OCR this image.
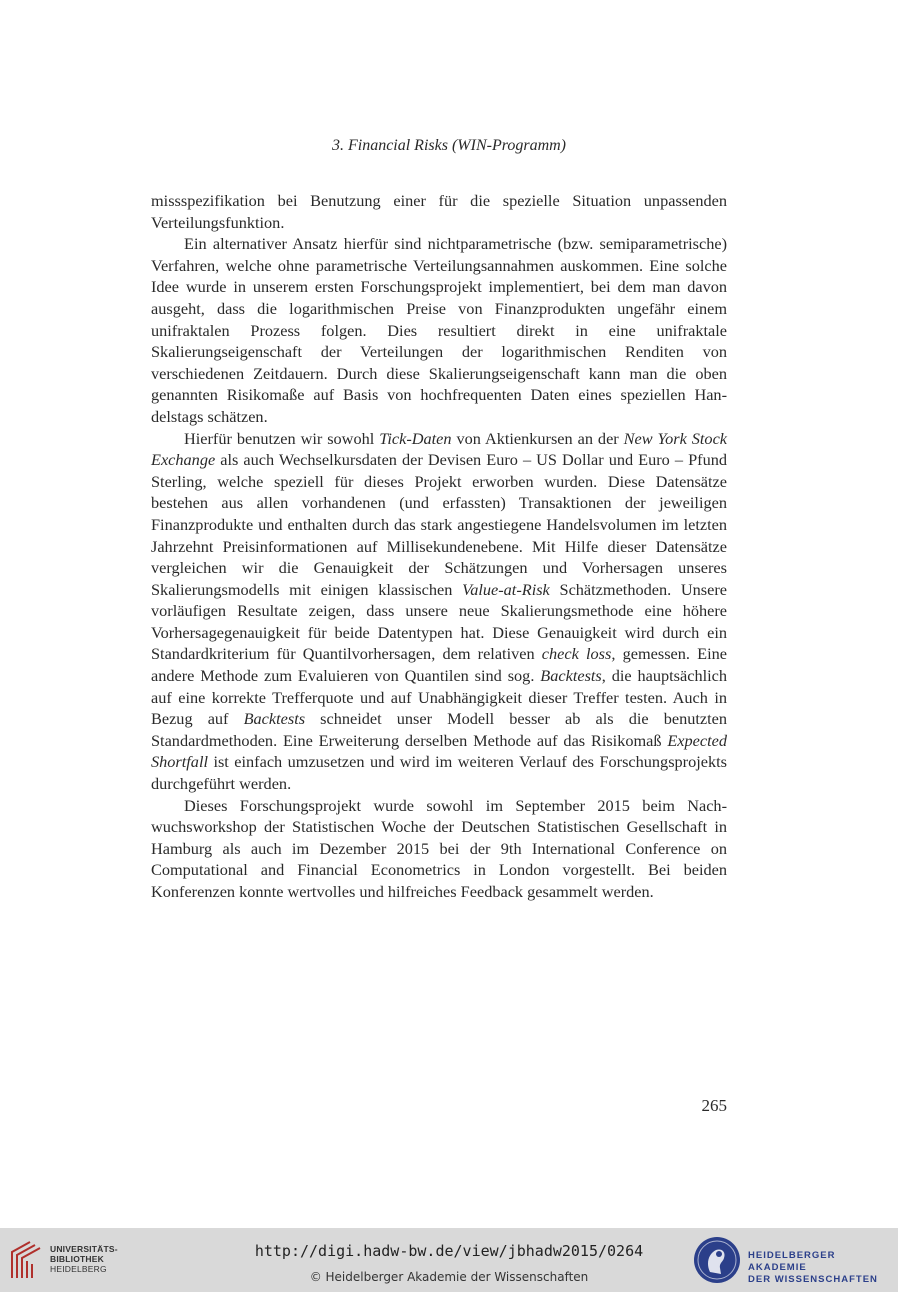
3. Financial Risks (WIN-Programm)

missspezifikation bei Benutzung einer für die spezielle Situation unpassenden Verteilungsfunktion.

Ein alternativer Ansatz hierfür sind nichtparametrische (bzw. semiparametrische) Verfahren, welche ohne parametrische Verteilungsannahmen auskommen. Eine solche Idee wurde in unserem ersten Forschungsprojekt implementiert, bei dem man davon ausgeht, dass die logarithmischen Preise von Finanzprodukten ungefähr einem unifraktalen Prozess folgen. Dies resultiert direkt in eine unifraktale Skalierungseigenschaft der Verteilungen der logarithmischen Renditen von verschiedenen Zeitdauern. Durch diese Skalierungseigenschaft kann man die oben genannten Risikomaße auf Basis von hochfrequenten Daten eines speziellen Handelstags schätzen.

Hierfür benutzen wir sowohl Tick-Daten von Aktienkursen an der New York Stock Exchange als auch Wechselkursdaten der Devisen Euro – US Dollar und Euro – Pfund Sterling, welche speziell für dieses Projekt erworben wurden. Diese Datensätze bestehen aus allen vorhandenen (und erfassten) Transaktionen der jeweiligen Finanzprodukte und enthalten durch das stark angestiegene Handelsvolumen im letzten Jahrzehnt Preisinformationen auf Millisekundenebene. Mit Hilfe dieser Datensätze vergleichen wir die Genauigkeit der Schätzungen und Vorhersagen unseres Skalierungsmodells mit einigen klassischen Value-at-Risk Schätzmethoden. Unsere vorläufigen Resultate zeigen, dass unsere neue Skalierungsmethode eine höhere Vorhersagegenauigkeit für beide Datentypen hat. Diese Genauigkeit wird durch ein Standardkriterium für Quantilvorhersagen, dem relativen check loss, gemessen. Eine andere Methode zum Evaluieren von Quantilen sind sog. Backtests, die hauptsächlich auf eine korrekte Trefferquote und auf Unabhängigkeit dieser Treffer testen. Auch in Bezug auf Backtests schneidet unser Modell besser ab als die benutzten Standardmethoden. Eine Erweiterung derselben Methode auf das Risikomaß Expected Shortfall ist einfach umzusetzen und wird im weiteren Verlauf des Forschungsprojekts durchgeführt werden.

Dieses Forschungsprojekt wurde sowohl im September 2015 beim Nachwuchsworkshop der Statistischen Woche der Deutschen Statistischen Gesellschaft in Hamburg als auch im Dezember 2015 bei der 9th International Conference on Computational and Financial Econometrics in London vorgestellt. Bei beiden Konferenzen konnte wertvolles und hilfreiches Feedback gesammelt werden.

265
UNIVERSITÄTS-
BIBLIOTHEK
HEIDELBERG
http://digi.hadw-bw.de/view/jbhadw2015/0264
© Heidelberger Akademie der Wissenschaften
HEIDELBERGER AKADEMIE
DER WISSENSCHAFTEN
